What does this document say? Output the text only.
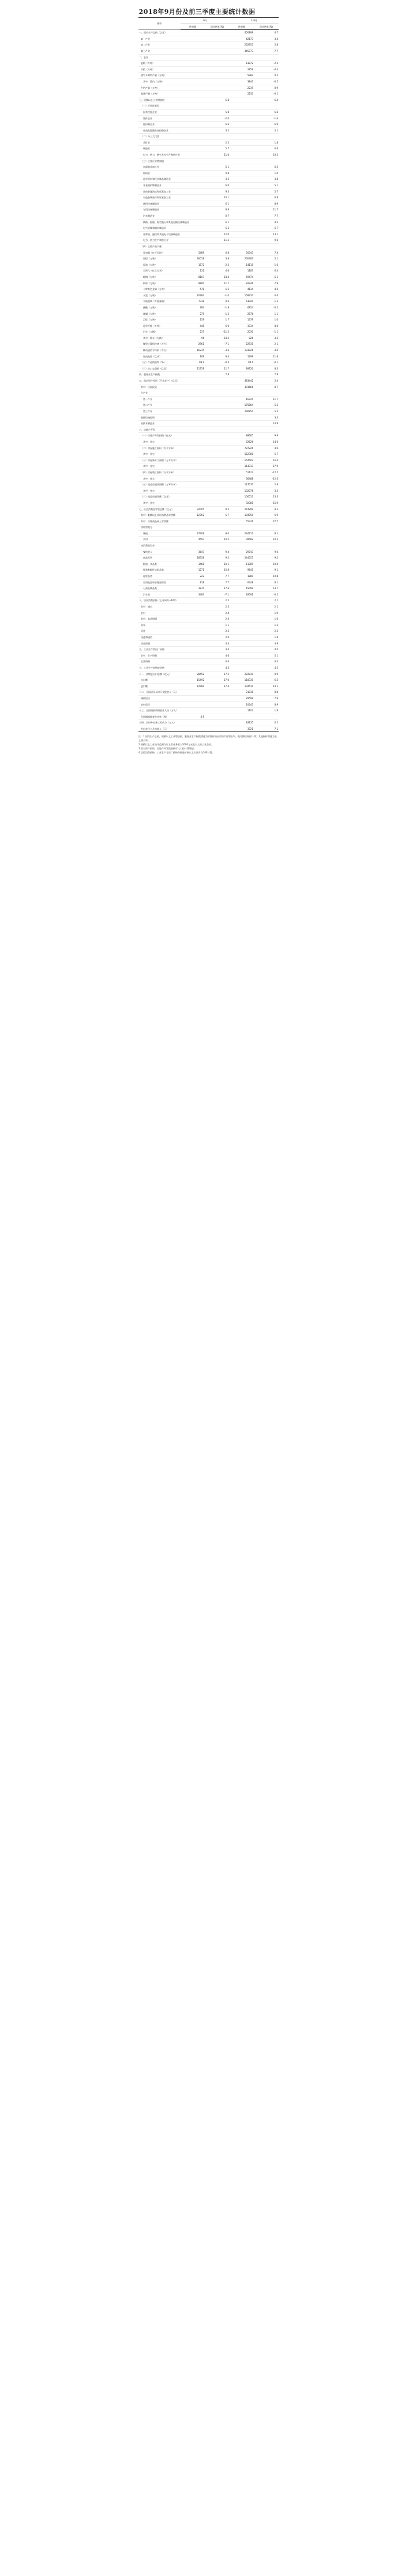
2018年9月份及前三季度主要统计数据
指标	9月		1-9月	
	绝对量	同比增长(%)	绝对量	同比增长(%)
一、国内生产总值（亿元）			650899	6.7
第一产业			42173	3.4
第二产业			262953	5.8
第三产业			345773	7.7
二、农业				
夏粮（万吨）			13872	-2.2
早稻（万吨）			2859	-4.3
猪牛羊禽肉产量（万吨）			5982	0.2
其中：猪肉（万吨）			3843	-0.5
牛奶产量（万吨）			2239	0.9
禽蛋产量（万吨）			2250	-0.1
三、规模以上工业增加值		5.8		6.4
（一）分经济类型				
国有控股企业		5.8		6.6
集体企业		-2.0		-1.6
股份制企业		6.6		6.9
外商及港澳台商投资企业		3.2		5.1
（二）分三大门类				
采矿业		2.2		1.8
制造业		5.7		6.6
电力、热力、燃气及水生产和供应业		11.0		10.2
（三）主要行业增加值				
农副食品加工业		5.1		6.3
纺织业		0.8		1.0
化学原料和化学制品制造业		3.5		3.8
非金属矿物制品业		6.0		5.1
黑色金属冶炼和压延加工业		9.3		5.7
有色金属冶炼和压延加工业		10.1		6.9
通用设备制造业		6.1		8.9
专用设备制造业		8.9		11.7
汽车制造业		0.7		7.7
铁路、船舶、航空航天和其他运输设备制造业		6.1		4.5
电气机械和器材制造业		5.2		6.7
计算机、通信和其他电子设备制造业		12.0		13.1
电力、热力生产和供应业		11.3		9.6
（四）主要产品产量				
发电量（亿千瓦时）	5489	6.8	50343	7.4
原煤（万吨）	30018	3.8	260487	5.1
原油（万吨）	1572	-2.3	14115	-1.6
天然气（亿立方米）	131	4.6	1187	6.4
粗钢（万吨）	8107	14.4	69474	6.1
钢材（万吨）	9800	11.7	82246	7.9
十种有色金属（万吨）	478	5.5	4134	4.6
水泥（万吨）	20784	-1.0	158220	0.6
平板玻璃（万重量箱）	7318	0.6	63920	1.3
硫酸（万吨）	780	-1.8	6854	-0.2
烧碱（万吨）	275	-1.3	2576	1.1
乙烯（万吨）	159	1.7	1379	1.0
化学纤维（万吨）	445	6.0	3734	8.0
汽车（万辆）	237	-11.5	2030	-1.1
其中：轿车（万辆）	96	-14.5	826	-3.5
微型计算机设备（万台）	2961	-7.1	22935	2.1
移动通信手持机（万台）	16235	-3.6	133926	-3.0
集成电路（亿块）	169	9.3	1299	11.8
（五）产品销售率（%）	98.9	-0.3	98.1	-0.1
（六）出口交货值（亿元）	11759	11.7	89720	8.3
四、服务业生产指数		7.8		7.8
五、固定资产投资（不含农户）（亿元）			483442	5.4
其中：民间投资			301666	8.7
分产业				
第一产业			16724	11.7
第二产业			175864	5.2
第三产业			290854	5.3
基础设施投资				3.3
高技术制造业				14.9
六、房地产开发				
（一）房地产开发投资（亿元）			88665	9.9
其中：住宅			62626	14.0
（二）房屋施工面积（万平方米）			787226	4.0
其中：住宅			552380	5.7
（三）房屋新开工面积（万平方米）			154502	16.4
其中：住宅			114313	17.9
（四）房屋竣工面积（万平方米）			51123	-12.5
其中：住宅			36488	-12.3
（五）商品房销售面积（万平方米）			117070	2.9
其中：住宅			102078	3.3
（六）商品房销售额（亿元）			106513	13.3
其中：住宅			92380	15.9
七、社会消费品零售总额（亿元）	32005	9.2	274299	9.3
其中：限额以上单位消费品零售额	12762	5.7	104750	6.9
其中：实物商品网上零售额			55331	27.7
按经营地分				
城镇	27409	9.0	234717	9.1
乡村	4597	10.5	39582	10.2
按消费类型分				
餐饮收入	3647	9.4	29743	9.6
商品零售	28358	9.2	244557	9.2
粮油、食品类	1468	10.1	11389	10.4
服装鞋帽针纺织品类	1271	10.8	9845	9.1
化妆品类	222	7.7	1889	10.8
家用电器和音像器材类	818	7.7	6448	8.1
石油及制品类	1870	17.6	15099	13.7
汽车类	3483	-7.1	28591	-0.2
八、居民消费价格（上年同月=100）		2.5		2.1
其中：城市		2.5		2.1
农村		2.4		1.9
其中：食品烟酒		2.4		1.0
衣着		1.1		1.2
居住		2.5		2.3
交通和通信		2.0		1.8
医疗保健		4.4		4.9
九、工业生产者出厂价格		3.6		4.0
其中：生产资料		4.6		5.1
生活资料		0.6		0.4
十、工业生产者购进价格		4.3		4.5
十一、货物进出口总额（亿元）	28452	17.2	222839	9.9
出口额	15492	17.0	118330	6.5
进口额	12960	17.4	104510	14.1
十二、全国居民人均可支配收入（元）			21035	8.8
城镇居民			29599	7.9
农村居民			10645	8.9
十三、全国城镇新增就业人员（万人）			1107	1.8
全国城镇调查失业率（%）	4.9			
十四、农村外出务工劳动力（万人）			18135	0.5
外出农民工月均收入（元）			3721	7.1

注：1.国内生产总值、规模以上工业增加值、服务业生产指数增速为扣除价格因素的实际增长率，绝对额按现价计算；其他指标增速为名义增长率。

2.规模以上工业统计范围为年主营业务收入2000万元及以上的工业企业。

3.固定资产投资、房地产开发数据按可比口径计算增速。

4.居民消费价格、工业生产者出厂价格和购进价格以上年同月为100计算。
